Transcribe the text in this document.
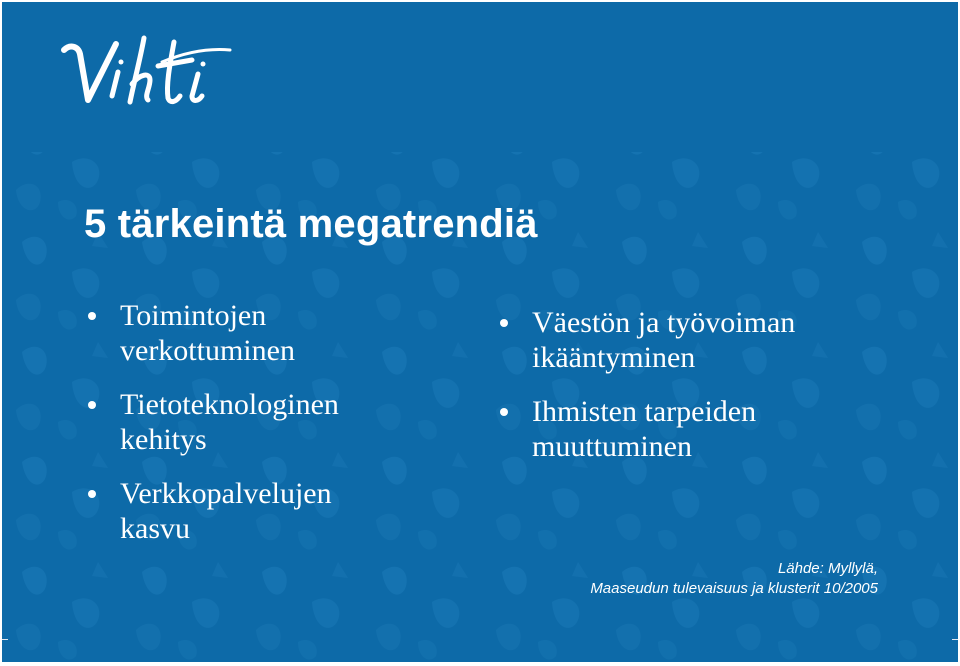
5 tärkeintä megatrendiä
Toimintojen
verkottuminen
Tietoteknologinen
kehitys
Verkkopalvelujen
kasvu
Väestön ja työvoiman
ikääntyminen
Ihmisten tarpeiden
muuttuminen
Lähde: Myllylä,
Maaseudun tulevaisuus ja klusterit 10/2005
